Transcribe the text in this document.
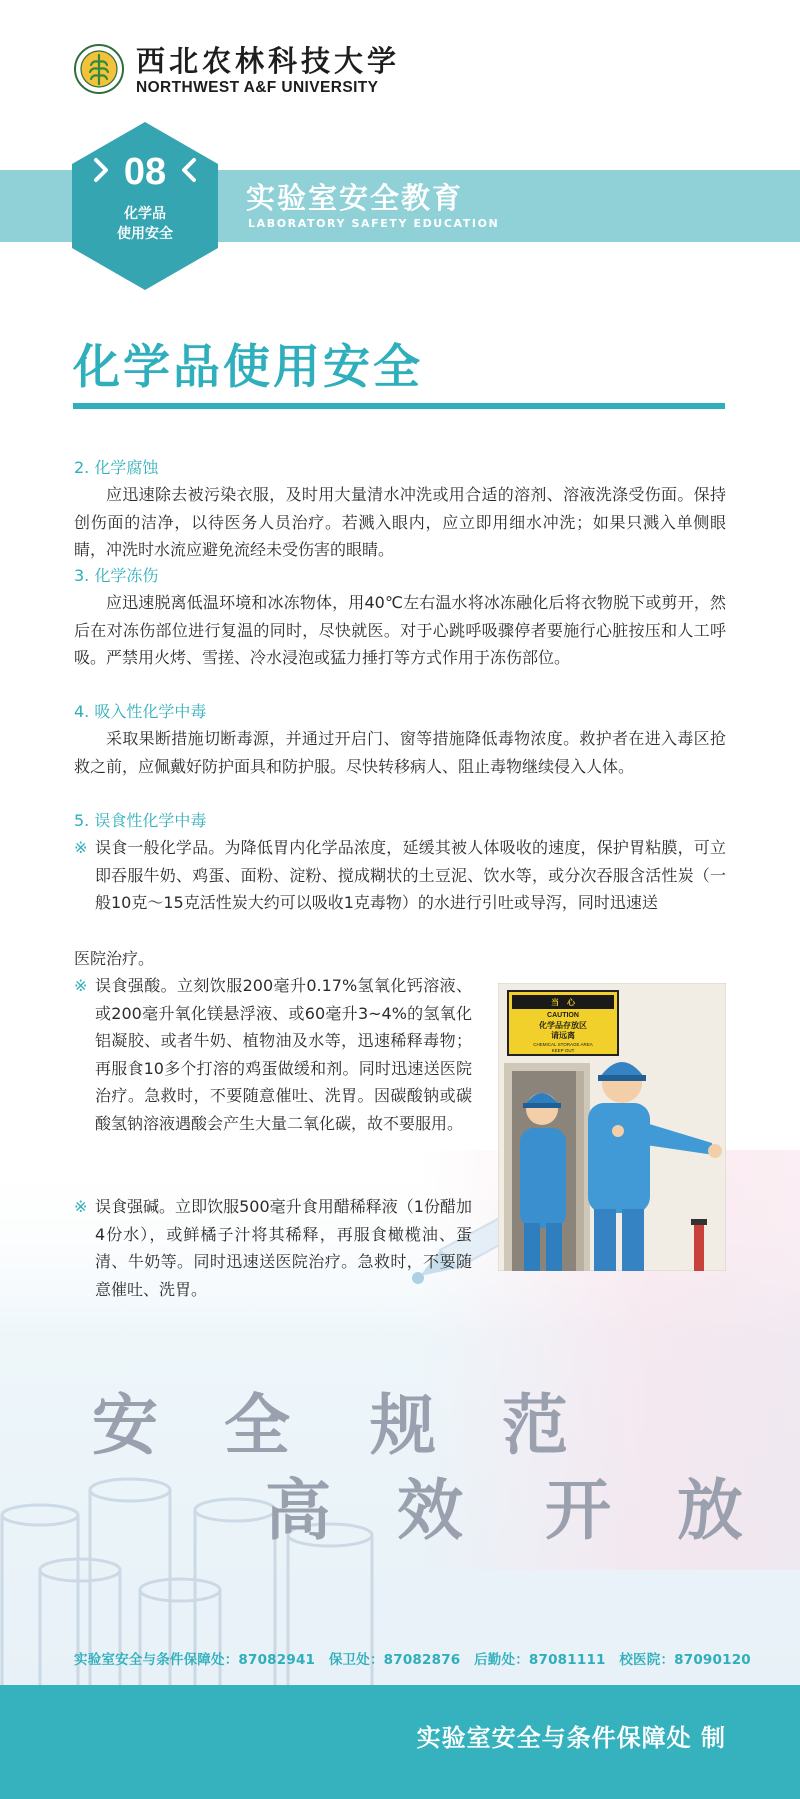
西北农林科技大学
NORTHWEST A&F UNIVERSITY
实验室安全教育
LABORATORY SAFETY EDUCATION
08
化学品
使用安全
化学品使用安全
2. 化学腐蚀
应迅速除去被污染衣服，及时用大量清水冲洗或用合适的溶剂、溶液洗涤受伤面。保持创伤面的洁净，以待医务人员治疗。若溅入眼内，应立即用细水冲洗；如果只溅入单侧眼睛，冲洗时水流应避免流经未受伤害的眼睛。
3. 化学冻伤
应迅速脱离低温环境和冰冻物体，用40℃左右温水将冰冻融化后将衣物脱下或剪开，然后在对冻伤部位进行复温的同时，尽快就医。对于心跳呼吸骤停者要施行心脏按压和人工呼吸。严禁用火烤、雪搓、冷水浸泡或猛力捶打等方式作用于冻伤部位。
4. 吸入性化学中毒
采取果断措施切断毒源，并通过开启门、窗等措施降低毒物浓度。救护者在进入毒区抢救之前，应佩戴好防护面具和防护服。尽快转移病人、阻止毒物继续侵入人体。
5. 误食性化学中毒
※ 误食一般化学品。为降低胃内化学品浓度，延缓其被人体吸收的速度，保护胃粘膜，可立即吞服牛奶、鸡蛋、面粉、淀粉、搅成糊状的土豆泥、饮水等，或分次吞服含活性炭（一般10克～15克活性炭大约可以吸收1克毒物）的水进行引吐或导泻，同时迅速送
医院治疗。
※ 误食强酸。立刻饮服200毫升0.17%氢氧化钙溶液、或200毫升氧化镁悬浮液、或60毫升3~4%的氢氧化铝凝胶、或者牛奶、植物油及水等，迅速稀释毒物；再服食10多个打溶的鸡蛋做缓和剂。同时迅速送医院治疗。急救时，不要随意催吐、洗胃。因碳酸钠或碳酸氢钠溶液遇酸会产生大量二氧化碳，故不要服用。
※ 误食强碱。立即饮服500毫升食用醋稀释液（1份醋加4份水），或鲜橘子汁将其稀释，再服食橄榄油、蛋清、牛奶等。同时迅速送医院治疗。急救时，不要随意催吐、洗胃。
当　心
CAUTION
化学品存放区
请远离
CHEMICAL STORAGE AREA
KEEP OUT
安　全 规　范
高　效 开　放
实验室安全与条件保障处：87082941　保卫处：87082876　后勤处：87081111　校医院：87090120
实验室安全与条件保障处 制
